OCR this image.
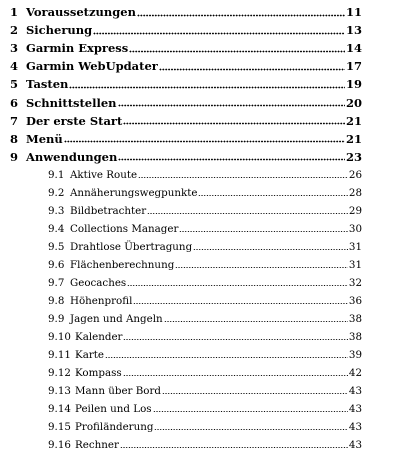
1 Voraussetzungen	11
2 Sicherung	13
3 Garmin Express	14
4 Garmin WebUpdater	17
5 Tasten	19
6 Schnittstellen	20
7 Der erste Start	21
8 Menü	21
9 Anwendungen	23
9.1 Aktive Route	26
9.2 Annäherungswegpunkte	28
9.3 Bildbetrachter	29
9.4 Collections Manager	30
9.5 Drahtlose Übertragung	31
9.6 Flächenberechnung	31
9.7 Geocaches	32
9.8 Höhenprofil	36
9.9 Jagen und Angeln	38
9.10 Kalender	38
9.11 Karte	39
9.12 Kompass	42
9.13 Mann über Bord	43
9.14 Peilen und Los	43
9.15 Profiländerung	43
9.16 Rechner	43
